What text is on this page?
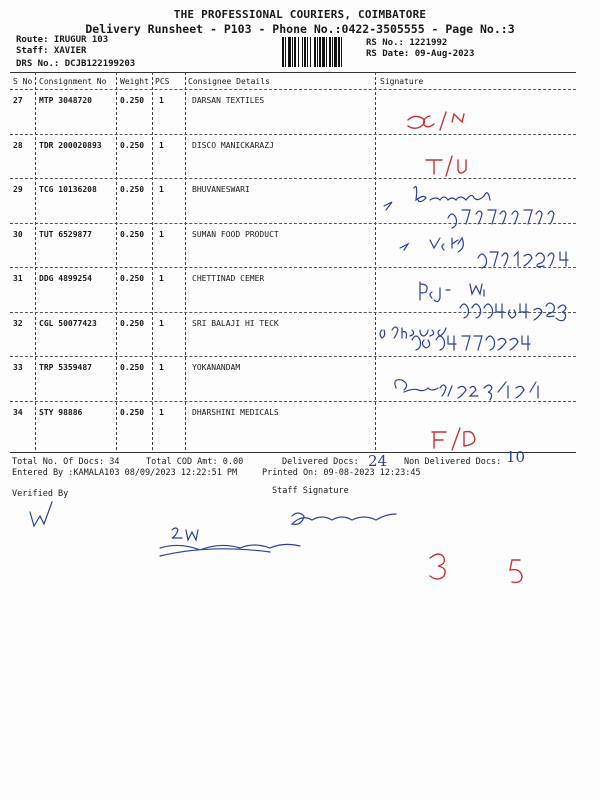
THE PROFESSIONAL COURIERS, COIMBATORE
Delivery Runsheet - P103 - Phone No.:0422-3505555 - Page No.:3
Route: IRUGUR 103
Staff: XAVIER
DRS No.: DCJB122199203
RS No.: 1221992
RS Date: 09-Aug-2023
S No Consignment No Weight PCS Consignee Details	Signature
27 MTP 3048720	0.250 1	DARSAN TEXTILES
28 TDR 200020893 0.250 1	DISCO MANICKARAZJ
29 TCG 10136208	0.250 1	BHUVANESWARI
30 TUT 6529877	0.250 1	SUMAN FOOD PRODUCT
31 DDG 4899254	0.250 1	CHETTINAD CEMER
32 CGL 50077423	0.250 1	SRI BALAJI HI TECK
33 TRP 5359487	0.250 1	YOKANANDAM
34 STY 98886	0.250 1	DHARSHINI MEDICALS
Total No. Of Docs: 34	Total COD Amt: 0.00	Delivered Docs:	Non Delivered Docs:
Entered By :KAMALA103 08/09/2023 12:22:51 PM	Printed On: 09-08-2023 12:23:45
Verified By	Staff Signature
24	10
